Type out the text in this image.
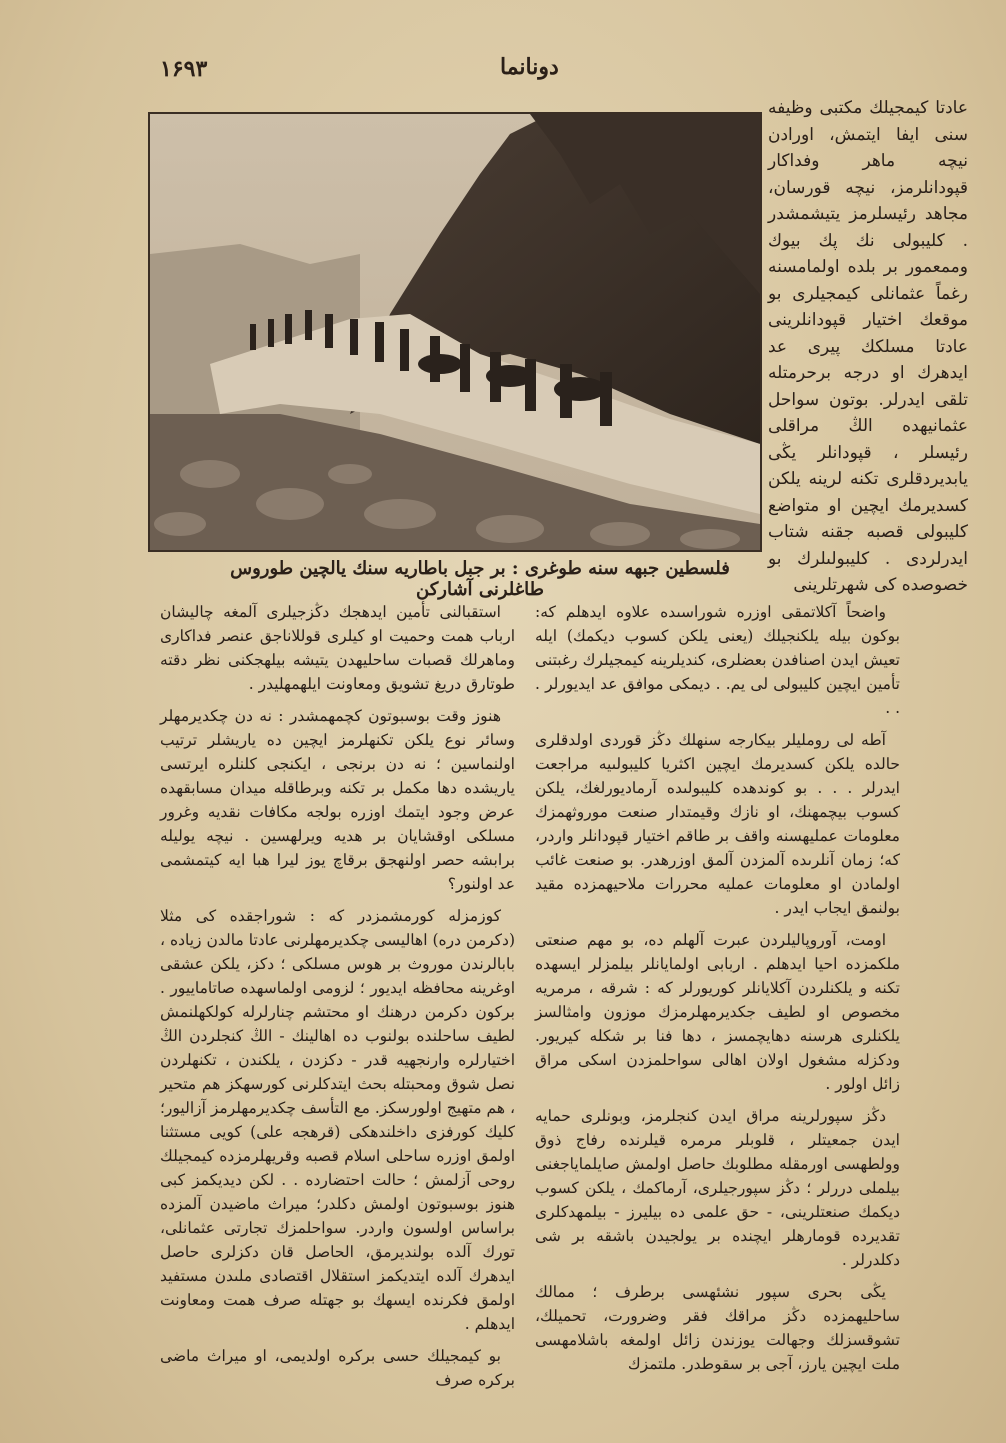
۱۶۹۳	دونانما
فلسطين جبهه سنه طوغرى : بر جبل باطاريه سنك يالچين طوروس طاغلرنى آشاركن
عادتا كيمجيلك مكتبى وظيفه سنى ايفا ايتمش، اورادن نيچه ماهر وفداكار قپودانلرمز، نيچه قورسان، مجاهد رئيسلرمز يتيشمشدر . كليبولى نك پك بيوك وممعمور بر بلده اولمامسنه رغماً عثمانلى كيمجيلرى بو موقعك اختيار قپودانلرينى عادتا مسلكك پيرى عد ايدهرك او درجه برحرمتله تلقى ايدرلر. بوتون سواحل عثمانيهده الڭ مراقلى رئيسلر ، قپودانلر يڭى يابديردقلرى تكنه لرينه يلكن كسديرمك ايچين او متواضع كليبولى قصبه جقنه شتاب ايدرلردى . كليبولىلرك بو خصوصده كى شهرتلرينى

واضحاً آكلاتمقى اوزره شوراسىده علاوه ايدهلم كه: بوكون بيله يلكنجيلك (يعنى يلكن كسوب ديكمك) ايله تعيش ايدن اصنافدن بعضلرى، كنديلرينه كيمجيلرك رغبتنى تأمين ايچين كليبولى لى يم. . ديمكى موافق عد ايديورلر . . .

آطه لى رومليلر بيكارجه سنهلك دڭز قوردى اولدقلرى حالده يلكن كسديرمك ايچين اكثريا كليبولىيه مراجعت ايدرلر . . . بو كوندهده كليبولىده آرماديورلغك، يلكن كسوب بيچمهنك، او نازك وقيمتدار صنعت موروثهمزك معلومات عمليهسنه واقف بر طاقم اختيار قپودانلر واردر، كه؛ زمان آنلرىده آلمزدن آلمق اوزرهدر. بو صنعت غائب اولمادن او معلومات عمليه محررات ملاحيهمزده مقيد بولنمق ايجاب ايدر .

اومت، آوروپاليلردن عبرت آلهلم ده، بو مهم صنعتى ملكمزده احيا ايدهلم . اربابى اولمايانلر بيلمزلر ايسهده تكنه و يلكنلردن آكلايانلر كوريورلر كه : شرقه ، مرمريه مخصوص او لطيف جكديرمهلرمزك موزون وامثالسز يلكنلرى هرسنه دهايچمسز ، دها فنا بر شكله كيريور. ودكزله مشغول اولان اهالى سواحلمزدن اسكى مراق زائل اولور .

دڭز سپورلرينه مراق ايدن كنجلرمز، وبونلرى حمايه ايدن جمعيتلر ، قلوبلر مرمره قيلرنده رفاج ذوق وولطهسى اورمقله مطلوبك حاصل اولمش صايلماياجغنى بيلملى دررلر ؛ دڭز سپورجيلرى، آرماكمك ، يلكن كسوب ديكمك صنعتلرينى، - حق علمى ده بيليرز - بيلمهدكلرى تقديرده قومارهلر ايچنده بر يولجيدن باشقه بر شى دكلدرلر .

يڭى بحرى سپور نشئهسى برطرف ؛ ممالك ساحليهمزده دڭز مراقك فقر وضرورت، تحميلك، تشوقسزلك وجهالت يوزندن زائل اولمغه باشلامهسى ملت ايچين يارز، آجى بر سقوطدر. ملتمزك

استقبالنى تأمين ايدهجك دڭزجيلرى آلمغه چاليشان ارباب همت وحميت او كيلرى قوللاناجق عنصر فداكارى وماهرلك قصبات ساحليهدن يتيشه بيلهجكنى نظر دقته طوتارق دريغ تشويق ومعاونت ايلهمهليدر .

هنوز وقت بوسبوتون كچمهمشدر : نه دن چكديرمهلر وسائر نوع يلكن تكنهلرمز ايچين ده ياريشلر ترتيب اولنماسين ؛ نه دن برنجى ، ايكنجى كلنلره ايرتسى ياريشده دها مكمل بر تكنه وبرطاقله ميدان مسابقهده عرض وجود ايتمك اوزره بولجه مكافات نقديه وغرور مسلكى اوقشايان بر هديه ويرلهسين . نيچه يوليله برابشه حصر اولنهجق برقاچ يوز ليرا هبا ايه كيتمشمى عد اولنور؟

كوزمزله كورمشمزدر كه : شوراجقده كى مثلا (دكرمن دره) اهاليسى چكديرمهلرنى عادتا مالدن زياده ، بابالرندن موروث بر هوس مسلكى ؛ دكز، يلكن عشقى اوغرينه محافظه ايديور ؛ لزومى اولماسهده صاتاماييور . بركون دكرمن درهنك او محتشم چنارلرله كولكهلنمش لطيف ساحلنده بولنوب ده اهالينك - الڭ كنجلردن الڭ اختيارلره وارنجهيه قدر - دكزدن ، يلكندن ، تكنهلردن نصل شوق ومحبتله بحث ايتدكلرنى كورسهكز هم متحير ، هم متهيج اولورسكز. مع التأسف چكديرمهلرمز آزاليور؛ كليك كورفزى داخلندهكى (قرهجه على) كويى مستثنا اولمق اوزره ساحلى اسلام قصبه وقريهلرمزده كيمجيلك روحى آزلمش ؛ حالت احتضارده . . لكن ديديكمز كبى هنوز بوسبوتون اولمش دكلدر؛ ميراث ماضيدن آلمزده براساس اولسون واردر. سواحلمزك تجارتى عثمانلى، تورك آلده بولنديرمق، الحاصل قان دكزلرى حاصل ايدهرك آلده ايتديكمز استقلال اقتصادى ملىدن مستفيد اولمق فكرنده ايسهك بو جهتله صرف همت ومعاونت ايدهلم .

بو كيمجيلك حسى بركره اولديمى، او ميراث ماضى بركره صرف
